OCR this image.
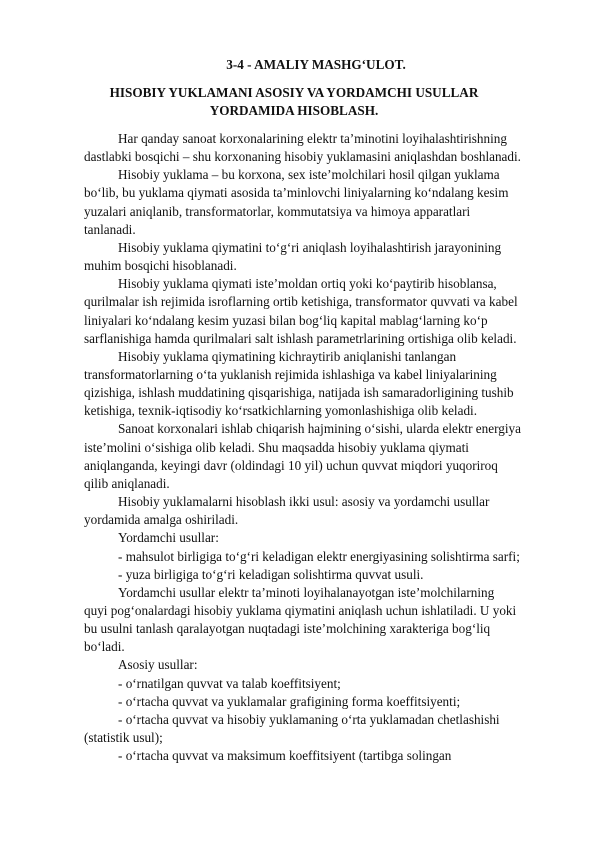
3-4 - AMALIY MASHG‘ULOT.
HISOBIY YUKLAMANI ASOSIY VA YORDAMCHI USULLAR
YORDAMIDA HISOBLASH.
Har qanday sanoat korxonalarining elektr ta’minotini loyihalashtirishning
dastlabki bosqichi – shu korxonaning hisobiy yuklamasini aniqlashdan boshlanadi.
Hisobiy yuklama – bu korxona, sex iste’molchilari hosil qilgan yuklama
bo‘lib, bu yuklama qiymati asosida ta’minlovchi liniyalarning ko‘ndalang kesim
yuzalari aniqlanib, transformatorlar, kommutatsiya va himoya apparatlari
tanlanadi.
Hisobiy yuklama qiymatini to‘g‘ri aniqlash loyihalashtirish jarayonining
muhim bosqichi hisoblanadi.
Hisobiy yuklama qiymati iste’moldan ortiq yoki ko‘paytirib hisoblansa,
qurilmalar ish rejimida isroflarning ortib ketishiga, transformator quvvati va kabel
liniyalari ko‘ndalang kesim yuzasi bilan bog‘liq kapital mablag‘larning ko‘p
sarflanishiga hamda qurilmalari salt ishlash parametrlarining ortishiga olib keladi.
Hisobiy yuklama qiymatining kichraytirib aniqlanishi tanlangan
transformatorlarning o‘ta yuklanish rejimida ishlashiga va kabel liniyalarining
qizishiga, ishlash muddatining qisqarishiga, natijada ish samaradorligining tushib
ketishiga, texnik-iqtisodiy ko‘rsatkichlarning yomonlashishiga olib keladi.
Sanoat korxonalari ishlab chiqarish hajmining o‘sishi, ularda elektr energiya
iste’molini o‘sishiga olib keladi. Shu maqsadda hisobiy yuklama qiymati
aniqlanganda, keyingi davr (oldindagi 10 yil) uchun quvvat miqdori yuqoriroq
qilib aniqlanadi.
Hisobiy yuklamalarni hisoblash ikki usul: asosiy va yordamchi usullar
yordamida amalga oshiriladi.
Yordamchi usullar:
- mahsulot birligiga to‘g‘ri keladigan elektr energiyasining solishtirma sarfi;
- yuza birligiga to‘g‘ri keladigan solishtirma quvvat usuli.
Yordamchi usullar elektr ta’minoti loyihalanayotgan iste’molchilarning
quyi pog‘onalardagi hisobiy yuklama qiymatini aniqlash uchun ishlatiladi. U yoki
bu usulni tanlash qaralayotgan nuqtadagi iste’molchining xarakteriga bog‘liq
bo‘ladi.
Asosiy usullar:
- o‘rnatilgan quvvat va talab koeffitsiyent;
- o‘rtacha quvvat va yuklamalar grafigining forma koeffitsiyenti;
- o‘rtacha quvvat va hisobiy yuklamaning o‘rta yuklamadan chetlashishi
(statistik usul);
- o‘rtacha quvvat va maksimum koeffitsiyent (tartibga solingan
